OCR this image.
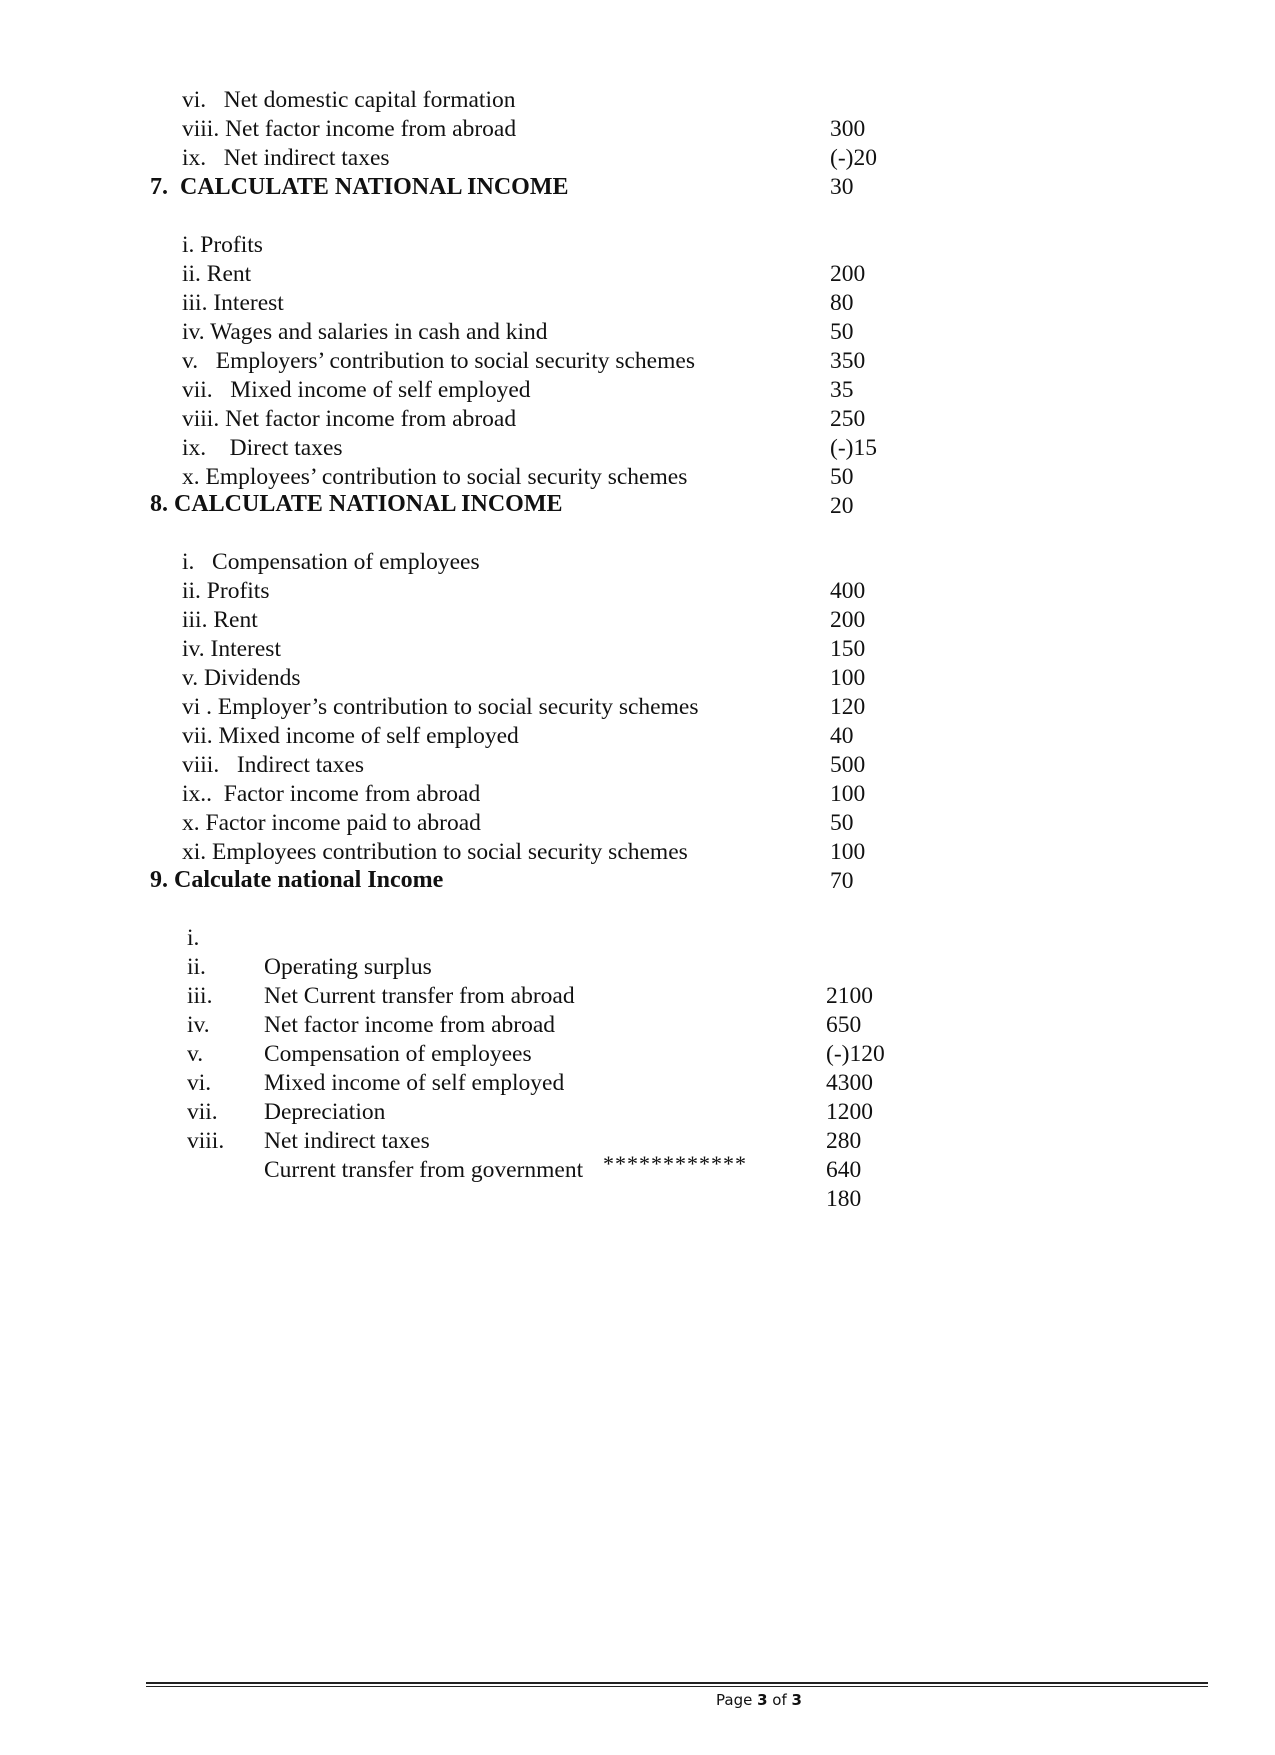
vi.   Net domestic capital formation

300

viii. Net factor income from abroad

(-)20

ix.   Net indirect taxes

30

7.  CALCULATE NATIONAL INCOME

i. Profits

200

ii. Rent

80

iii. Interest

50

iv. Wages and salaries in cash and kind

350

v.   Employers’ contribution to social security schemes

35

vii.   Mixed income of self employed

250

viii. Net factor income from abroad

(-)15

ix.    Direct taxes

50

x. Employees’ contribution to social security schemes

20

8. CALCULATE NATIONAL INCOME

i.   Compensation of employees

400

ii. Profits

200

iii. Rent

150

iv. Interest

100

v. Dividends

120

vi . Employer’s contribution to social security schemes

40

vii. Mixed income of self employed

500

viii.   Indirect taxes

100

ix..  Factor income from abroad

50

x. Factor income paid to abroad

100

xi. Employees contribution to social security schemes

70

9. Calculate national Income

i.

Operating surplus

2100

ii.

Net Current transfer from abroad

650

iii.

Net factor income from abroad

(-)120

iv.

Compensation of employees

4300

v.

Mixed income of self employed

1200

vi.

Depreciation

280

vii.

Net indirect taxes

640

viii.

Current transfer from government

180

************
Page 3 of 3
